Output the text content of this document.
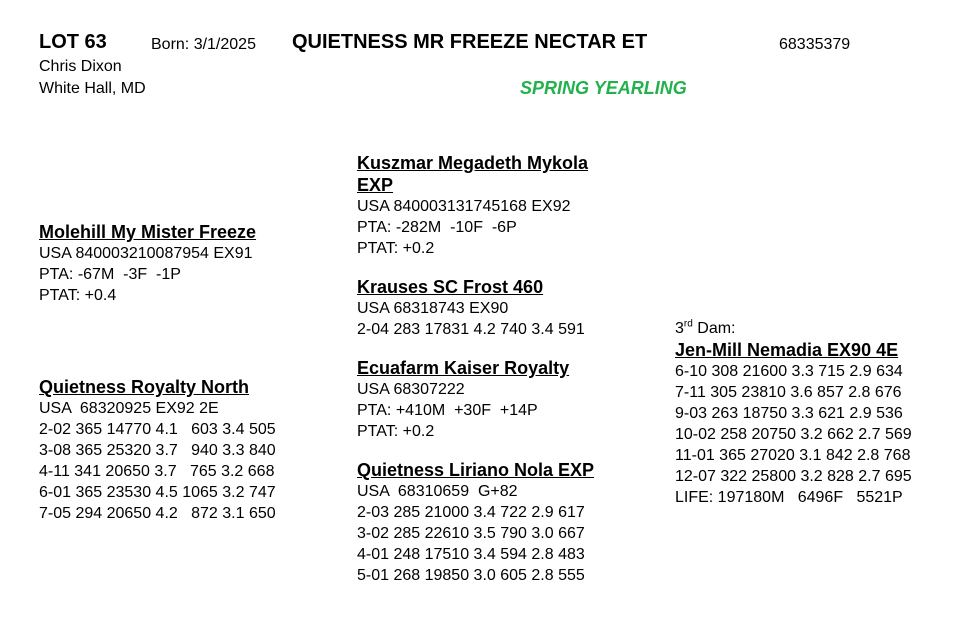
LOT 63	Born: 3/1/2025 QUIETNESS MR FREEZE NECTAR ET	68335379
Chris Dixon
White Hall, MD	SPRING YEARLING
Molehill My Mister Freeze
USA 840003210087954 EX91
PTA: -67M  -3F  -1P
PTAT: +0.4
Quietness Royalty North
USA  68320925 EX92 2E
2-02 365 14770 4.1   603 3.4 505
3-08 365 25320 3.7   940 3.3 840
4-11 341 20650 3.7   765 3.2 668
6-01 365 23530 4.5 1065 3.2 747
7-05 294 20650 4.2   872 3.1 650
Kuszmar Megadeth Mykola
EXP
USA 840003131745168 EX92
PTA: -282M  -10F  -6P
PTAT: +0.2
Krauses SC Frost 460
USA 68318743 EX90
2-04 283 17831 4.2 740 3.4 591
Ecuafarm Kaiser Royalty
USA 68307222
PTA: +410M  +30F  +14P
PTAT: +0.2
Quietness Liriano Nola EXP
USA  68310659  G+82
2-03 285 21000 3.4 722 2.9 617
3-02 285 22610 3.5 790 3.0 667
4-01 248 17510 3.4 594 2.8 483
5-01 268 19850 3.0 605 2.8 555
3rd Dam:
Jen-Mill Nemadia EX90 4E
6-10 308 21600 3.3 715 2.9 634
7-11 305 23810 3.6 857 2.8 676
9-03 263 18750 3.3 621 2.9 536
10-02 258 20750 3.2 662 2.7 569
11-01 365 27020 3.1 842 2.8 768
12-07 322 25800 3.2 828 2.7 695
LIFE: 197180M   6496F   5521P
